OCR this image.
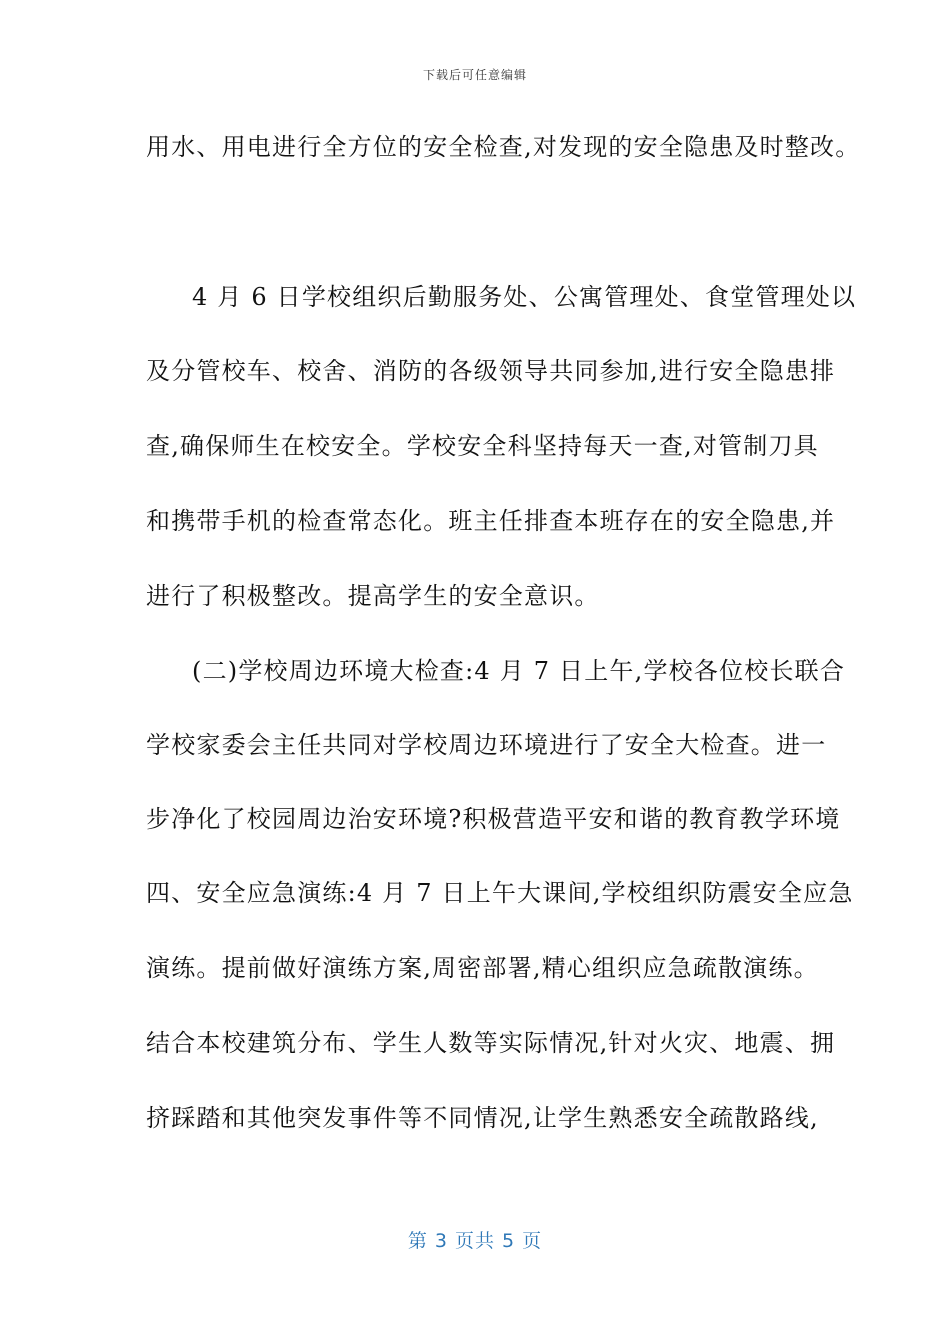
下载后可任意编辑
用水、用电进行全方位的安全检查,对发现的安全隐患及时整改。
4 月 6 日学校组织后勤服务处、公寓管理处、食堂管理处以
及分管校车、校舍、消防的各级领导共同参加,进行安全隐患排
查,确保师生在校安全。学校安全科坚持每天一查,对管制刀具
和携带手机的检查常态化。班主任排查本班存在的安全隐患,并
进行了积极整改。提高学生的安全意识。
(二)学校周边环境大检查:4 月 7 日上午,学校各位校长联合
学校家委会主任共同对学校周边环境进行了安全大检查。进一
步净化了校园周边治安环境?积极营造平安和谐的教育教学环境
四、安全应急演练:4 月 7 日上午大课间,学校组织防震安全应急
演练。提前做好演练方案,周密部署,精心组织应急疏散演练。
结合本校建筑分布、学生人数等实际情况,针对火灾、地震、拥
挤踩踏和其他突发事件等不同情况,让学生熟悉安全疏散路线,
第 3 页共 5 页
